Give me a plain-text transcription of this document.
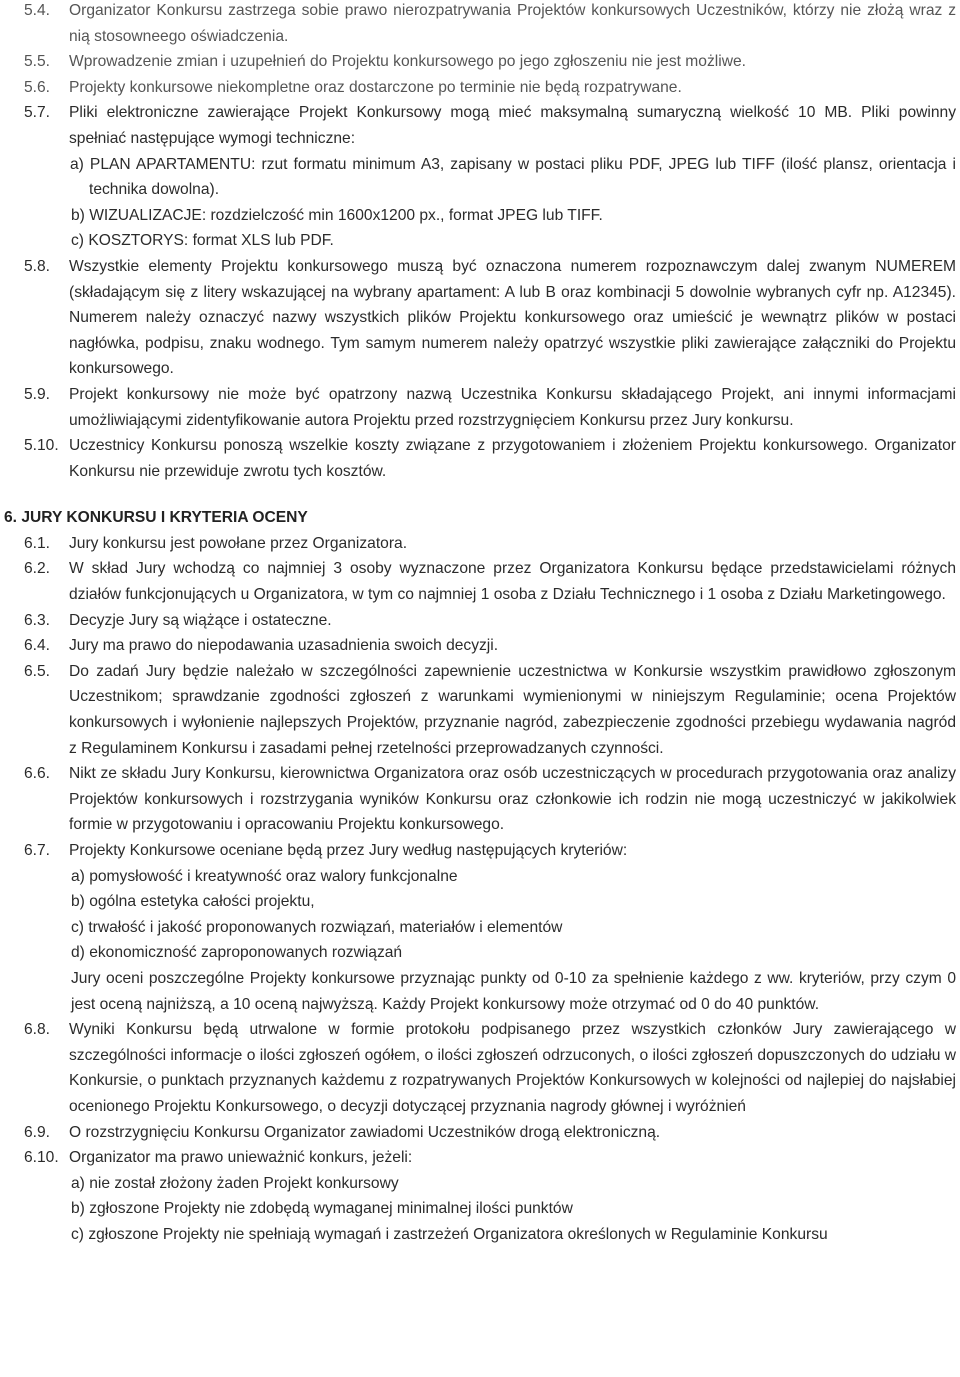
5.4. Organizator Konkursu zastrzega sobie prawo nierozpatrywania Projektów konkursowych Uczestników, którzy nie złożą wraz z nią stosowneego oświadczenia.
5.5. Wprowadzenie zmian i uzupełnień do Projektu konkursowego po jego zgłoszeniu nie jest możliwe.
5.6. Projekty konkursowe niekompletne oraz dostarczone po terminie nie będą rozpatrywane.
5.7. Pliki elektroniczne zawierające Projekt Konkursowy mogą mieć maksymalną sumaryczną wielkość 10 MB. Pliki powinny spełniać następujące wymogi techniczne:

a) PLAN APARTAMENTU: rzut formatu minimum A3, zapisany w postaci pliku PDF, JPEG lub TIFF (ilość plansz, orientacja i technika dowolna).

b) WIZUALIZACJE: rozdzielczość min 1600x1200 px., format JPEG lub TIFF.

c) KOSZTORYS: format XLS lub PDF.

5.8. Wszystkie elementy Projektu konkursowego muszą być oznaczona numerem rozpoznawczym dalej zwanym NUMEREM (składającym się z litery wskazującej na wybrany apartament: A lub B oraz kombinacji 5 dowolnie wybranych cyfr np. A12345). Numerem należy oznaczyć nazwy wszystkich plików Projektu konkursowego oraz umieścić je wewnątrz plików w postaci nagłówka, podpisu, znaku wodnego. Tym samym numerem należy opatrzyć wszystkie pliki zawierające załączniki do Projektu konkursowego.
5.9. Projekt konkursowy nie może być opatrzony nazwą Uczestnika Konkursu składającego Projekt, ani innymi informacjami umożliwiającymi zidentyfikowanie autora Projektu przed rozstrzygnięciem Konkursu przez Jury konkursu.
5.10. Uczestnicy Konkursu ponoszą wszelkie koszty związane z przygotowaniem i złożeniem Projektu konkursowego. Organizator Konkursu nie przewiduje zwrotu tych kosztów.
6. JURY KONKURSU I KRYTERIA OCENY
6.1. Jury konkursu jest powołane przez Organizatora.
6.2. W skład Jury wchodzą co najmniej 3 osoby wyznaczone przez Organizatora Konkursu będące przedstawicielami różnych działów funkcjonujących u Organizatora, w tym co najmniej 1 osoba z Działu Technicznego i 1 osoba z Działu Marketingowego.
6.3. Decyzje Jury są wiążące i ostateczne.
6.4. Jury ma prawo do niepodawania uzasadnienia swoich decyzji.
6.5. Do zadań Jury będzie należało w szczególności zapewnienie uczestnictwa w Konkursie wszystkim prawidłowo zgłoszonym Uczestnikom; sprawdzanie zgodności zgłoszeń z warunkami wymienionymi w niniejszym Regulaminie; ocena Projektów konkursowych i wyłonienie najlepszych Projektów, przyznanie nagród, zabezpieczenie zgodności przebiegu wydawania nagród z Regulaminem Konkursu i zasadami pełnej rzetelności przeprowadzanych czynności.
6.6. Nikt ze składu Jury Konkursu, kierownictwa Organizatora oraz osób uczestniczących w procedurach przygotowania oraz analizy Projektów konkursowych i rozstrzygania wyników Konkursu oraz członkowie ich rodzin nie mogą uczestniczyć w jakikolwiek formie w przygotowaniu i opracowaniu Projektu konkursowego.
6.7. Projekty Konkursowe oceniane będą przez Jury według następujących kryteriów:

a) pomysłowość i kreatywność oraz walory funkcjonalne

b) ogólna estetyka całości projektu,

c) trwałość i jakość proponowanych rozwiązań, materiałów i elementów

d) ekonomiczność zaproponowanych rozwiązań

Jury oceni poszczególne Projekty konkursowe przyznając punkty od 0-10 za spełnienie każdego z ww. kryteriów, przy czym 0 jest oceną najniższą, a 10 oceną najwyższą. Każdy Projekt konkursowy może otrzymać od 0 do 40 punktów.

6.8. Wyniki Konkursu będą utrwalone w formie protokołu podpisanego przez wszystkich członków Jury zawierającego w szczególności informacje o ilości zgłoszeń ogółem, o ilości zgłoszeń odrzuconych, o ilości zgłoszeń dopuszczonych do udziału w Konkursie, o punktach przyznanych każdemu z rozpatrywanych Projektów Konkursowych w kolejności od najlepiej do najsłabiej ocenionego Projektu Konkursowego, o decyzji dotyczącej przyznania nagrody głównej i wyróżnień
6.9. O rozstrzygnięciu Konkursu Organizator zawiadomi Uczestników drogą elektroniczną.
6.10. Organizator ma prawo unieważnić konkurs, jeżeli:

a) nie został złożony żaden Projekt konkursowy

b) zgłoszone Projekty nie zdobędą wymaganej minimalnej ilości punktów

c) zgłoszone Projekty nie spełniają wymagań i zastrzeżeń Organizatora określonych w Regulaminie Konkursu
